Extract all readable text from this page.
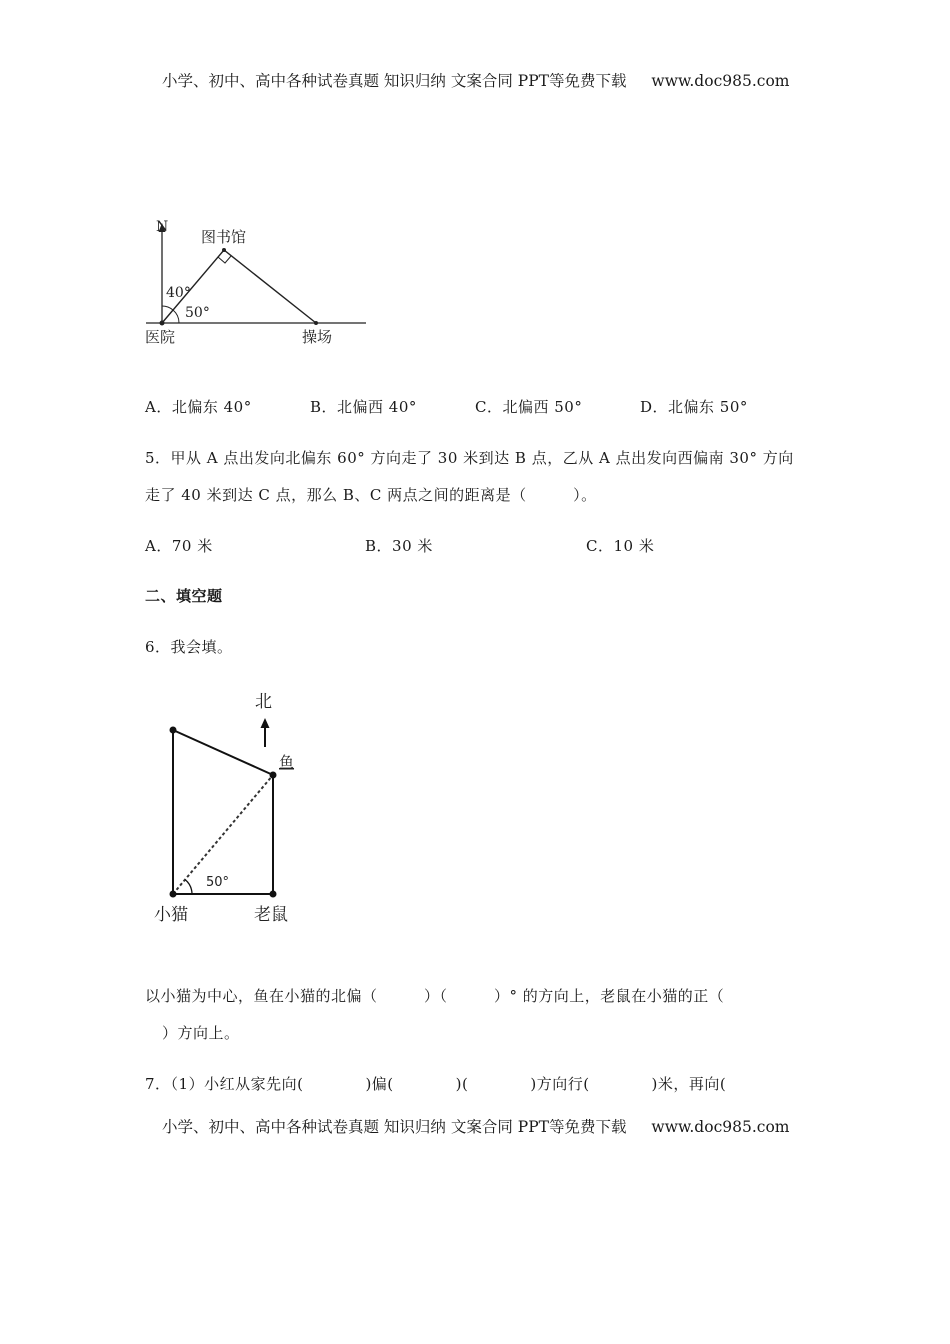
小学、初中、高中各种试卷真题 知识归纳 文案合同 PPT等免费下载 www.doc985.com
N
图书馆
40°
50°
医院	操场
A．北偏东 40°	B．北偏西 40°	C．北偏西 50°	D．北偏东 50°
5．甲从 A 点出发向北偏东 60° 方向走了 30 米到达 B 点，乙从 A 点出发向西偏南 30° 方向
走了 40 米到达 C 点，那么 B、C 两点之间的距离是（　　　）。
A．70 米	B．30 米	C．10 米
二、填空题
6．我会填。
北
鱼
50°
小猫	老鼠
以小猫为中心，鱼在小猫的北偏（　　　）（　　　）° 的方向上，老鼠在小猫的正（
）方向上。
7．（1）小红从家先向(　　　　)偏(　　　　)(　　　　)方向行(　　　　)米，再向(
小学、初中、高中各种试卷真题 知识归纳 文案合同 PPT等免费下载 www.doc985.com
